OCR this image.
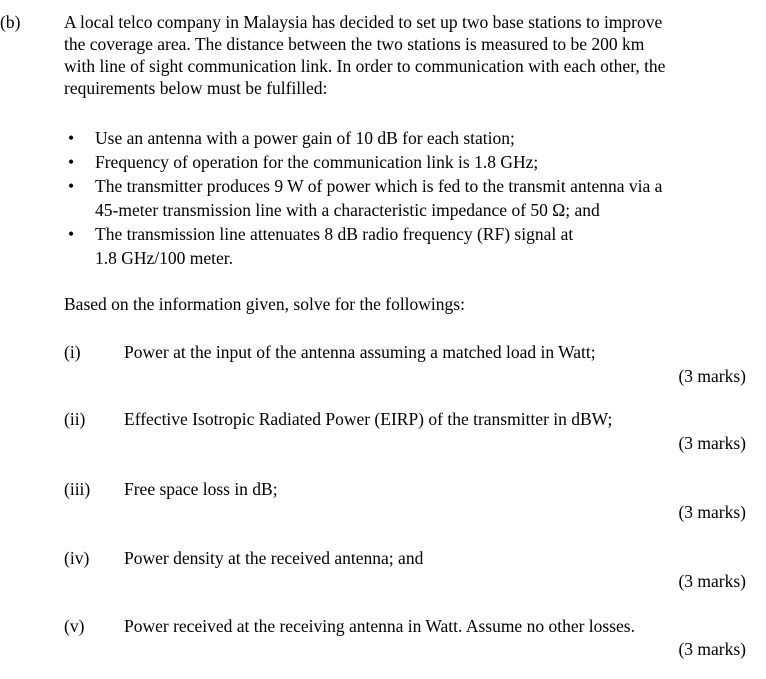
(b) A local telco company in Malaysia has decided to set up two base stations to improve
the coverage area. The distance between the two stations is measured to be 200 km
with line of sight communication link. In order to communication with each other, the
requirements below must be fulfilled:
• Use an antenna with a power gain of 10 dB for each station;
• Frequency of operation for the communication link is 1.8 GHz;
• The transmitter produces 9 W of power which is fed to the transmit antenna via a
45-meter transmission line with a characteristic impedance of 50 Ω; and
• The transmission line attenuates 8 dB radio frequency (RF) signal at
1.8 GHz/100 meter.
Based on the information given, solve for the followings:
(i) Power at the input of the antenna assuming a matched load in Watt;
(3 marks)
(ii) Effective Isotropic Radiated Power (EIRP) of the transmitter in dBW;
(3 marks)
(iii) Free space loss in dB;
(3 marks)
(iv) Power density at the received antenna; and
(3 marks)
(v) Power received at the receiving antenna in Watt. Assume no other losses.
(3 marks)
